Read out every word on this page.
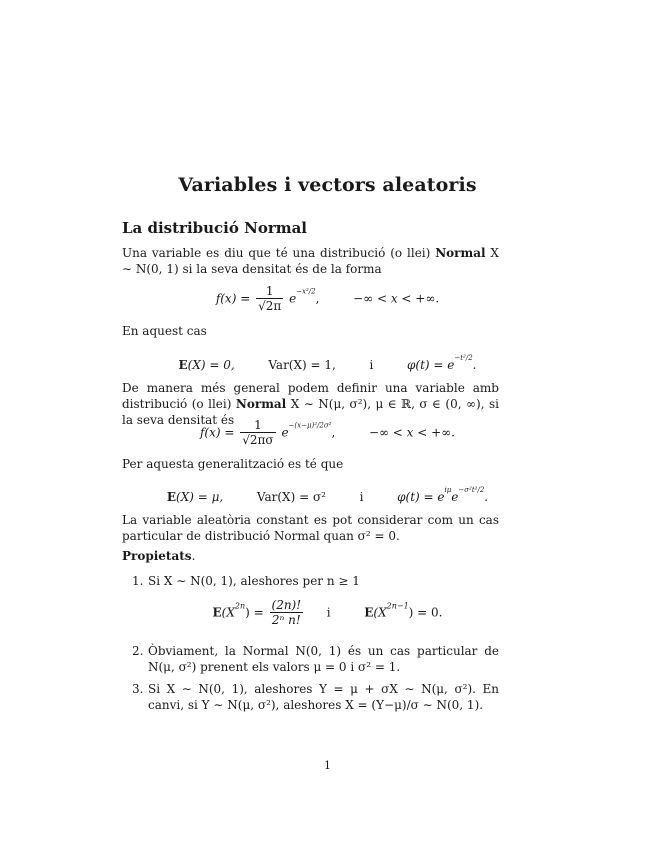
Variables i vectors aleatoris
La distribució Normal
Una variable es diu que té una distribució (o llei) Normal X ∼ N(0, 1) si la seva densitat és de la forma
$f(x) = \frac{1}{√2\pi} e^{-x^2/2}$,	−∞ < x < +∞.
En aquest cas
E(X) = 0,	Var(X) = 1,	i	$\varphi(t) = e^{-t^2/2}$.
De manera més general podem definir una variable amb distribució (o llei) Normal X ∼ N(μ, σ²), μ ∈ ℝ, σ ∈ (0, ∞), si la seva densitat és
$f(x) = \frac{1}{√2\pi\sigma} e^{-(x-\mu)^2/2\sigma^2}$,	−∞ < x < +∞.
Per aquesta generalització es té que
E(X) = μ,	Var(X) = σ²	i	$\varphi(t) = e^{i\mu}e^{-\sigma^2t^2/2}$.
La variable aleatòria constant es pot considerar com un cas particular de distribució Normal quan σ² = 0.
Propietats.
1. Si X ∼ N(0, 1), aleshores per n ≥ 1
$E(X^{2n}) = \frac{(2n)!}{\text{2ⁿ n!}}$ i	$E(X^{2n-1}) = 0$.
2. Òbviament, la Normal N(0, 1) és un cas particular de N(μ, σ²) prenent els valors μ = 0 i σ² = 1.
3. Si X ∼ N(0, 1), aleshores Y = μ + σX ∼ N(μ, σ²). En canvi, si Y ∼ N(μ, σ²), aleshores X = (Y−μ)/σ ∼ N(0, 1).
1
